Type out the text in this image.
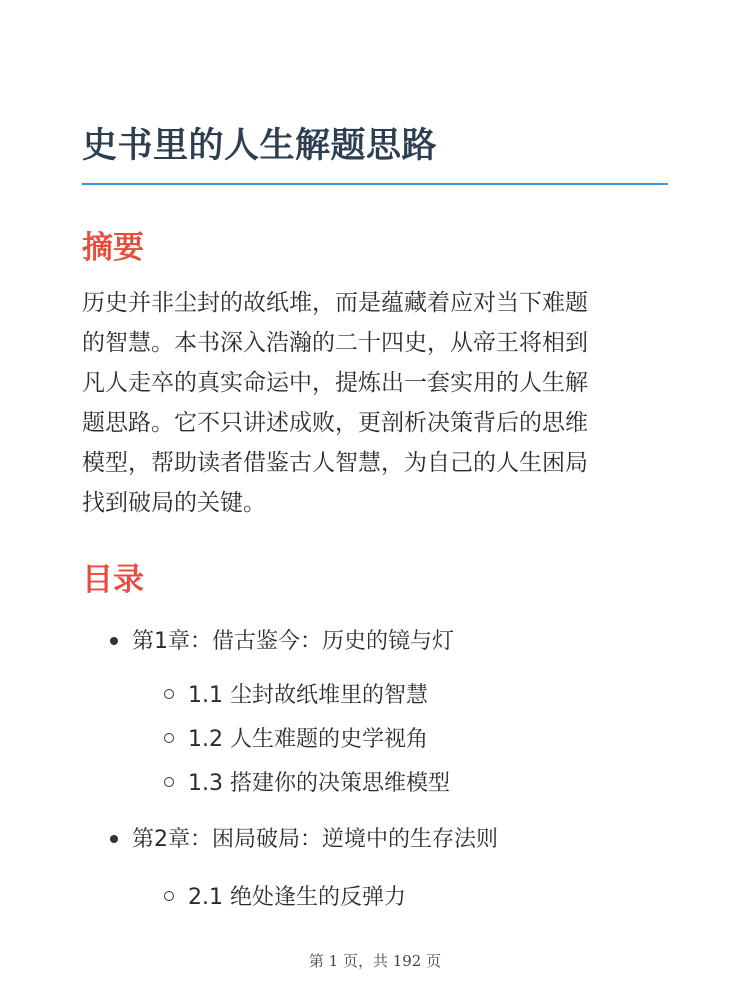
史书里的人生解题思路
摘要

历史并非尘封的故纸堆，而是蕴藏着应对当下难题
的智慧。本书深入浩瀚的二十四史，从帝王将相到
凡人走卒的真实命运中，提炼出一套实用的人生解
题思路。它不只讲述成败，更剖析决策背后的思维
模型，帮助读者借鉴古人智慧，为自己的人生困局
找到破局的关键。

目录
第1章：借古鉴今：历史的镜与灯
1.1 尘封故纸堆里的智慧
1.2 人生难题的史学视角
1.3 搭建你的决策思维模型
第2章：困局破局：逆境中的生存法则
2.1 绝处逢生的反弹力
第 1 页，共 192 页
